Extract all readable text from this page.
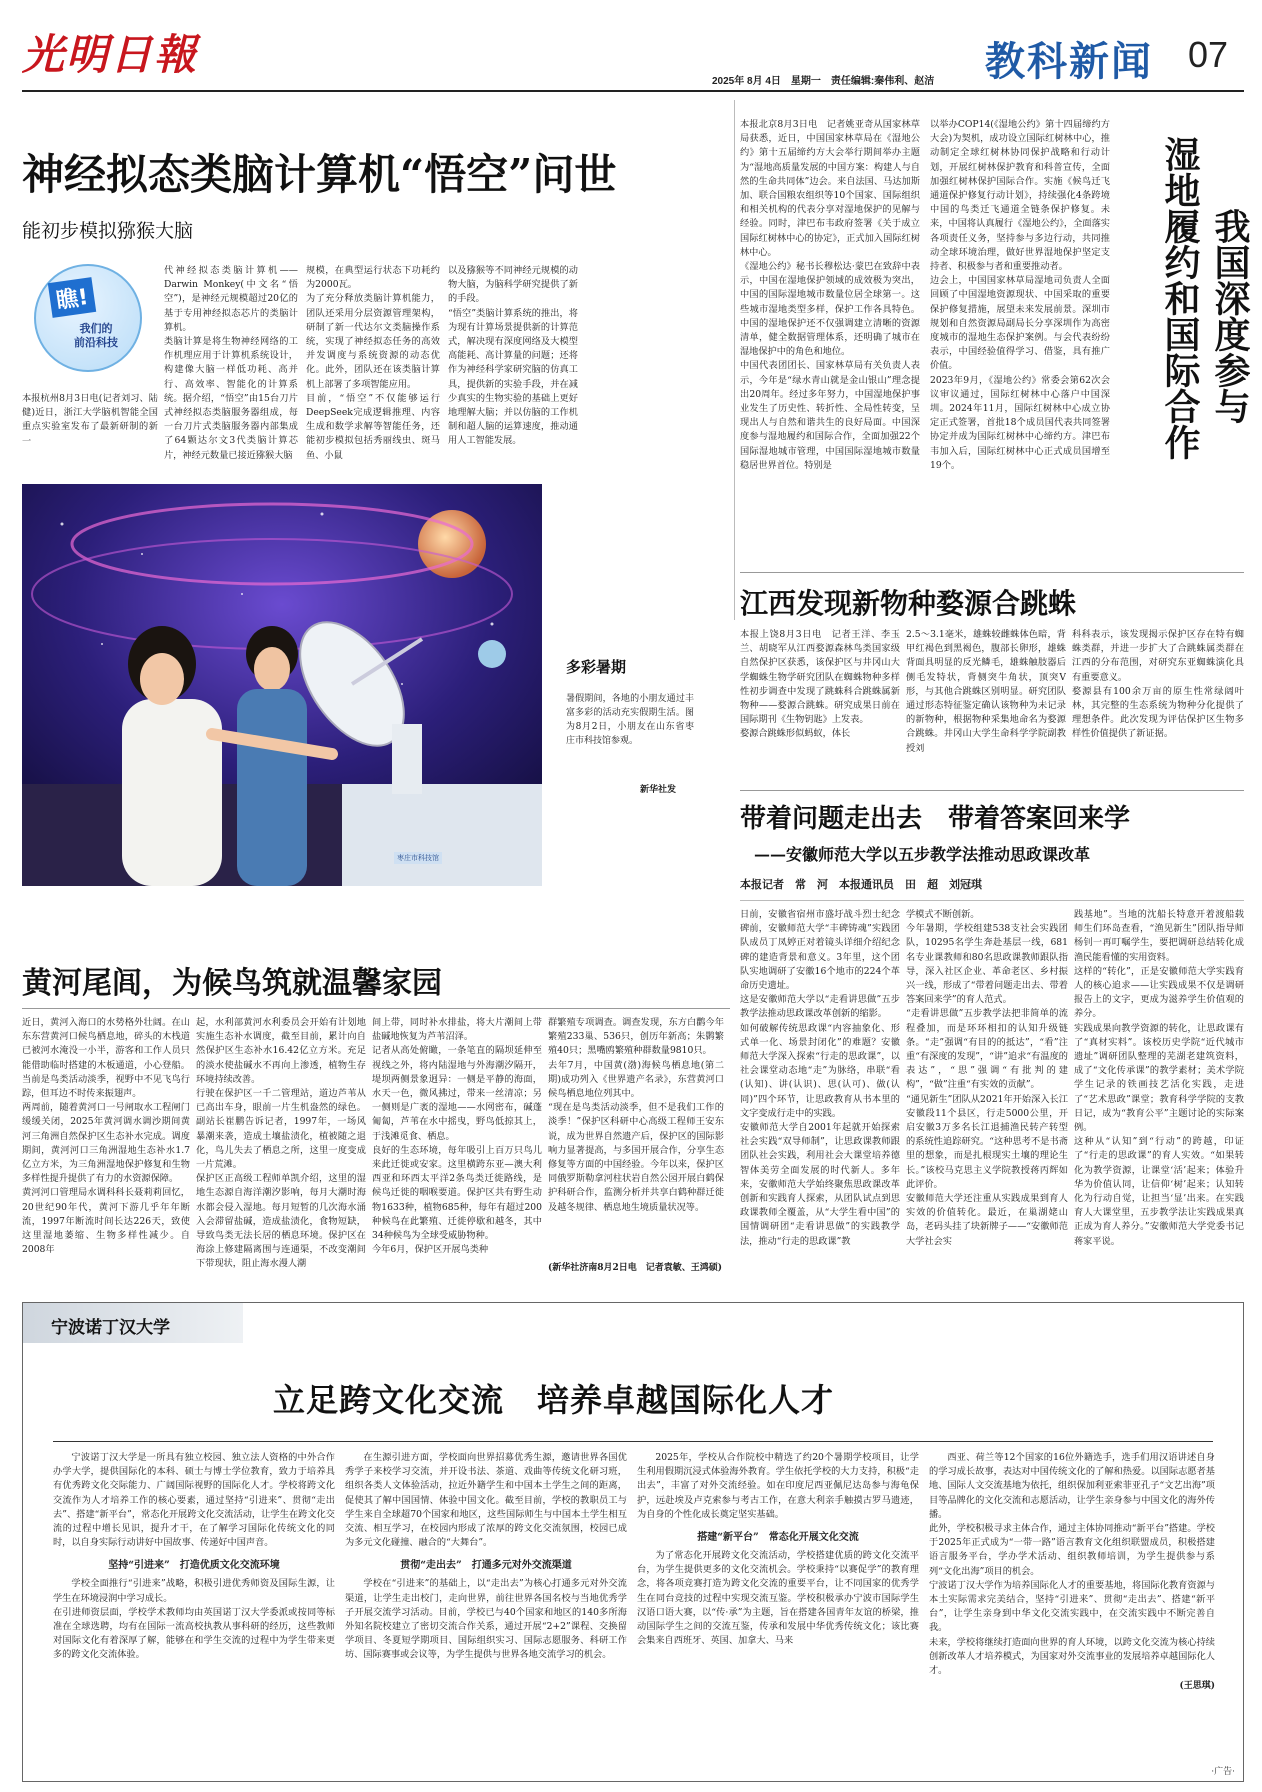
光明日報
2025年 8月 4日　星期一　责任编辑:秦伟利、赵洁 教科新闻 07
神经拟态类脑计算机“悟空”问世
能初步模拟猕猴大脑
瞧!
我们的
前沿科技
本报杭州8月3日电(记者刘习、陆健)近日，浙江大学脑机智能全国重点实验室发布了最新研制的新一
代神经拟态类脑计算机——Darwin Monkey(中文名“悟空”)，是神经元规模超过20亿的基于专用神经拟态芯片的类脑计算机。
类脑计算是将生物神经网络的工作机理应用于计算机系统设计，构建像大脑一样低功耗、高并行、高效率、智能化的计算系统。据介绍，“悟空”由15台刀片式神经拟态类脑服务器组成，每一台刀片式类脑服务器内部集成了64颗达尔文3代类脑计算芯片，神经元数量已接近猕猴大脑
规模，在典型运行状态下功耗约为2000瓦。
为了充分释放类脑计算机能力，团队还采用分层资源管理架构，研制了新一代达尔文类脑操作系统，实现了神经拟态任务的高效并发调度与系统资源的动态优化。此外，团队还在该类脑计算机上部署了多项智能应用。
目前，“悟空”不仅能够运行DeepSeek完成逻辑推理、内容生成和数学求解等智能任务，还能初步模拟包括秀丽线虫、斑马鱼、小鼠
以及猕猴等不同神经元规模的动物大脑，为脑科学研究提供了新的手段。
“悟空”类脑计算系统的推出，将为现有计算场景提供新的计算范式，解决现有深度网络及大模型高能耗、高计算量的问题；还将作为神经科学家研究脑的仿真工具，提供新的实验手段，并在减少真实的生物实验的基础上更好地理解大脑；并以仿脑的工作机制和超人脑的运算速度，推动通用人工智能发展。
枣庄市科技馆
多彩暑期
暑假期间，各地的小朋友通过丰富多彩的活动充实假期生活。图为8月2日，小朋友在山东省枣庄市科技馆参观。
新华社发
我国深度参与
湿地履约和国际合作
本报北京8月3日电　记者姚亚奇从国家林草局获悉，近日，中国国家林草局在《湿地公约》第十五届缔约方大会举行期间举办主题为“湿地高质量发展的中国方案：构建人与自然的生命共同体”边会。来自法国、马达加斯加、联合国粮农组织等10个国家、国际组织和相关机构的代表分享对湿地保护的见解与经验。同时，津巴布韦政府签署《关于成立国际红树林中心的协定》，正式加入国际红树林中心。
《湿地公约》秘书长穆松达·蒙巴在致辞中表示，中国在湿地保护领域的成效极为突出，中国的国际湿地城市数量位居全球第一。这些城市湿地类型多样，保护工作各具特色。中国的湿地保护还不仅强调建立清晰的资源清单，健全数据管理体系，还明确了城市在湿地保护中的角色和地位。
中国代表团团长、国家林草局有关负责人表示，今年是“绿水青山就是金山银山”理念提出20周年。经过多年努力，中国湿地保护事业发生了历史性、转折性、全局性转变，呈现出人与自然和谐共生的良好局面。中国深度参与湿地履约和国际合作，全面加强22个国际湿地城市管理，中国国际湿地城市数量稳居世界首位。特别是
以举办COP14(《湿地公约》第十四届缔约方大会)为契机，成功设立国际红树林中心，推动制定全球红树林协同保护战略和行动计划，开展红树林保护教育和科普宣传，全面加强红树林保护国际合作。实施《候鸟迁飞通道保护修复行动计划》，持续强化4条跨境中国的鸟类迁飞通道全链条保护修复。未来，中国将认真履行《湿地公约》，全面落实各项责任义务，坚持参与多边行动，共同推动全球环境治理，做好世界湿地保护坚定支持者、积极参与者和重要推动者。
边会上，中国国家林草局湿地司负责人全面回顾了中国湿地资源现状、中国采取的重要保护修复措施，展望未来发展前景。深圳市规划和自然资源局副局长分享深圳作为高密度城市的湿地生态保护案例。与会代表纷纷表示，中国经验值得学习、借鉴，具有推广价值。
2023年9月，《湿地公约》常委会第62次会议审议通过，国际红树林中心落户中国深圳。2024年11月，国际红树林中心成立协定正式签署，首批18个成员国代表共同签署协定并成为国际红树林中心缔约方。津巴布韦加入后，国际红树林中心正式成员国增至19个。
江西发现新物种婺源合跳蛛
本报上饶8月3日电　记者王洋、李玉兰、胡晓军从江西婺源森林鸟类国家级自然保护区获悉，该保护区与井冈山大学蜘蛛生物学研究团队在蜘蛛物种多样性初步调查中发现了跳蛛科合跳蛛属新物种——婺源合跳蛛。研究成果日前在国际期刊《生物钥匙》上发表。
婺源合跳蛛形似蚂蚁，体长
2.5～3.1毫米，雄蛛较雌蛛体色暗，背甲红褐色到黑褐色，腹部长卵形，雄蛛背面具明显的反光鳞毛，雄蛛触肢器后侧毛发特状，背侧突牛角状，顶突V形，与其他合跳蛛区别明显。研究团队通过形态特征鉴定确认该物种为未记录的新物种，根据物种采集地命名为婺源合跳蛛。井冈山大学生命科学学院副教授刘
科科表示，该发现揭示保护区存在特有蜘蛛类群，并进一步扩大了合跳蛛属类群在江西的分布范围，对研究东亚蜘蛛演化具有重要意义。
婺源县有100余万亩的原生性常绿阔叶林，其完整的生态系统为物种分化提供了理想条件。此次发现为评估保护区生物多样性价值提供了新证据。
带着问题走出去　带着答案回来学
——安徽师范大学以五步教学法推动思政课改革
本报记者　常　河　本报通讯员　田　超　刘冠琪
日前，安徽省宿州市盛圩战斗烈士纪念碑前，安徽师范大学“丰碑铸魂”实践团队成员丁凤婷正对着镜头详细介绍纪念碑的建造背景和意义。3年里，这个团队实地调研了安徽16个地市的224个革命历史遗址。
这是安徽师范大学以“走看讲思做”五步教学法推动思政课改革创新的缩影。
如何破解传统思政课“内容抽象化、形式单一化、场景封闭化”的难题？安徽师范大学深入探索“行走的思政课”，以社会课堂动态地“走”为脉络，串联“看(认知)、讲(认识)、思(认可)、做(认同)”四个环节，让思政教育从书本里的文字变成行走中的实践。
安徽师范大学自2001年起就开始探索社会实践“双导师制”，让思政课教师跟团队社会实践，利用社会大课堂培养德智体美劳全面发展的时代新人。多年来，安徽师范大学始终聚焦思政课改革创新和实践育人探索，从团队试点到思政课教师全覆盖，从“大学生看中国”的国情调研团“走看讲思做”的实践教学法，推动“行走的思政课”教
学模式不断创新。
今年暑期，学校组建538支社会实践团队，10295名学生奔赴基层一线，681名专业课教师和80名思政课教师跟队指导，深入社区企业、革命老区、乡村振兴一线，形成了“带着问题走出去、带着答案回来学”的育人范式。
“走看讲思做”五步教学法把非简单的流程叠加，而是环环相扣的认知升级链条。“走”强调“有目的的抵达”，“看”注重“有深度的发现”，“讲”追求“有温度的表达”，“思”强调“有批判的建构”，“做”注重“有实效的贡献”。
“通见新生”团队从2021年开始深入长江安徽段11个县区，行走5000公里，开启安徽3万多名长江退捕渔民转产转型的系统性追踪研究。“这种思考不是书斋里的想象，而是扎根现实土壤的理论生长。”该校马克思主义学院教授蒋丙辉如此评价。
安徽师范大学还注重从实践成果到育人实效的价值转化。最近，在巢湖姥山岛，老码头挂了块新牌子——“安徽师范大学社会实
践基地”。当地的沈船长特意开着渡船载师生们环岛查看，“渔见新生”团队指导师杨钊一再叮嘱学生，要把调研总结转化成渔民能看懂的实用资料。
这样的“转化”，正是安徽师范大学实践育人的核心追求——让实践成果不仅是调研报告上的文字，更成为滋养学生价值观的养分。
实践成果向教学资源的转化，让思政课有了“真材实料”。该校历史学院“近代城市遗址”调研团队整理的芜湖老建筑资料，成了“文化传承课”的教学素材；美术学院学生记录的铁画技艺活化实践，走进了“艺术思政”课堂；教育科学学院的支教日记，成为“教育公平”主题讨论的实际案例。
这种从“认知”到“行动”的跨越，印证了“行走的思政课”的育人实效。“如果转化为教学资源，让课堂‘活’起来；体验升华为价值认同，让信仰‘树’起来；认知转化为行动自觉，让担当‘显’出来。在实践育人大课堂里，五步教学法让实践成果真正成为育人养分。”安徽师范大学党委书记蒋家平说。
黄河尾闾，为候鸟筑就温馨家园
近日，黄河入海口的水势格外壮阔。在山东东营黄河口候鸟栖息地，碎头的木栈道已被河水淹没一小半，游客和工作人员只能借助临时搭建的木板通道，小心登船。当前是鸟类活动淡季，视野中不见飞鸟行踪，但耳边不时传来振翅声。
两周前，随着黄河口一号闸取水工程闸门缓缓关闭，2025年黄河调水调沙期间黄河三角洲自然保护区生态补水完成。调度期间，黄河河口三角洲湿地生态补水1.7亿立方米，为三角洲湿地保护修复和生物多样性提升提供了有力的水资源保障。
黄河河口管理局水调科科长聂莉莉回忆，20世纪90年代，黄河下游几乎年年断流，1997年断流时间长达226天，致使这里湿地萎缩、生物多样性减少。自2008年
起，水利部黄河水利委员会开始有计划地实施生态补水调度，截至目前，累计向自然保护区生态补水16.42亿立方米。充足的淡水使盐碱水不再向上渗透，植物生存环境持续改善。
行驶在保护区一千二管理站，道边芦苇从已高出车身，眼前一片生机盎然的绿色。副站长崔鹏告诉记者，1997年，一场风暴潮来袭，造成土壤盐渍化，植被随之退化，鸟儿失去了栖息之所，这里一度变成一片荒滩。
保护区正高级工程师单凯介绍，这里的湿地生态源自海洋潮汐影响，每月大潮时海水都会侵入湿地。每月短暂的几次海水涌入会滞留盐碱，造成盐渍化，食物短缺，导致鸟类无法长居的栖息环境。保护区在海涂上修建隔离围与连通渠，不改变潮间下带现状，阻止海水漫人潮
间上带，同时补水排盐，将大片潮间上带盐碱地恢复为芦苇沼泽。
记者从高处俯瞰，一条笔直的隔坝延伸至视线之外，将内陆湿地与外海潮汐隔开，堤坝两侧景象迥异：一侧是平静的海面，水天一色，微风拂过，带来一丝清凉；另一侧则是广袤的湿地——水网密布，碱蓬匍匐，芦苇在水中摇曳，野鸟低掠其上，于浅滩觅食、栖息。
良好的生态环境，每年吸引上百万只鸟儿来此迁徙或安家。这里横跨东亚—澳大利西亚和环西太平洋2条鸟类迁徙路线，是候鸟迁徙的咽喉要道。保护区共有野生动物1633种，植物685种，每年有超过200种候鸟在此繁殖、迁徙停歇和越冬，其中34种候鸟为全球受威胁物种。
今年6月，保护区开展鸟类种
群繁殖专项调查。调查发现，东方白鹳今年繁殖233巢、536只，创历年新高；朱鹮繁殖40只；黑嘴鸥繁殖种群数量9810只。
去年7月，中国黄(渤)海候鸟栖息地(第二期)成功列入《世界遗产名录》，东营黄河口候鸟栖息地位列其中。
“现在是鸟类活动淡季，但不是我们工作的淡季！”保护区科研中心高级工程师王安东说，成为世界自然遗产后，保护区的国际影响力显著提高，与多国开展合作，分享生态修复等方面的中国经验。今年以来，保护区同俄罗斯勒拿河柱状岩自然公园开展白鹤保护科研合作，监测分析并共享白鹤种群迁徙及越冬规律、栖息地生境质量状况等。
(新华社济南8月2日电　记者袁敏、王鸿硕)
宁波诺丁汉大学
立足跨文化交流　培养卓越国际化人才
宁波诺丁汉大学是一所具有独立校园、独立法人资格的中外合作办学大学，提供国际化的本科、硕士与博士学位教育，致力于培养具有优秀跨文化交际能力、广阔国际视野的国际化人才。学校将跨文化交流作为人才培养工作的核心要素，通过坚持“引进来”、贯彻“走出去”、搭建“新平台”，常态化开展跨文化交流活动，让学生在跨文化交流的过程中增长见识，提升才干，在了解学习国际化传统文化的同时，以自身实际行动讲好中国故事、传递好中国声音。
坚持“引进来”　打造优质文化交流环境
学校全面推行“引进来”战略，积极引进优秀师资及国际生源，让学生在环境浸润中学习成长。
在引进师资层面，学校学术教师均由英国诺丁汉大学委派或按同等标准在全球选聘，均有在国际一流高校执教从事科研的经历，这些教师对国际文化有着深厚了解，能够在和学生交流的过程中为学生带来更多的跨文化交流体验。
在生源引进方面，学校面向世界招募优秀生源，邀请世界各国优秀学子来校学习交流，并开设书法、茶道、戏曲等传统文化研习班，组织各类人文体验活动，拉近外籍学生和中国本土学生之间的距离，促使其了解中国国情、体验中国文化。截至目前，学校的教职员工与学生来自全球超70个国家和地区，这些国际师生与中国本土学生相互交流、相互学习，在校园内形成了浓厚的跨文化交流氛围，校园已成为多元文化碰撞、融合的“大舞台”。
贯彻“走出去”　打通多元对外交流渠道
学校在“引进来”的基础上，以“走出去”为核心打通多元对外交流渠道，让学生走出校门，走向世界，前往世界各国名校与当地优秀学子开展交流学习活动。目前，学校已与40个国家和地区的140多所海外知名院校建立了密切交流合作关系，通过开展“2+2”课程、交换留学项目、冬夏短学期项目、国际组织实习、国际志愿服务、科研工作坊、国际赛事或会议等，为学生提供与世界各地交流学习的机会。
2025年，学校从合作院校中精选了约20个暑期学校项目，让学生利用假期沉浸式体验海外教育。学生依托学校的大力支持，积极“走出去”，丰富了对外交流经验。如在印度尼西亚佩尼达岛参与海龟保护，远赴埃及卢克索参与考古工作，在意大利亲手触摸古罗马遗迹，为自身的个性化成长奠定坚实基础。
搭建“新平台”　常态化开展文化交流
为了常态化开展跨文化交流活动，学校搭建优质的跨文化交流平台，为学生提供更多的文化交流机会。学校秉持“以赛促学”的教育理念，将各项竞赛打造为跨文化交流的重要平台，让不同国家的优秀学生在同台竞技的过程中实现交流互鉴。学校积极承办宁波市国际学生汉语口语大赛，以“传·承”为主题，旨在搭建各国青年友谊的桥梁，推动国际学生之间的交流互鉴，传承和发展中华优秀传统文化；该比赛会集来自西班牙、英国、加拿大、马来
西亚、荷兰等12个国家的16位外籍选手，选手们用汉语讲述自身的学习成长故事，表达对中国传统文化的了解和热爱。以国际志愿者基地、国际人文交流基地为依托，组织保加利亚索菲亚孔子“文艺出海”项目等品牌化的文化交流和志愿活动，让学生亲身参与中国文化的海外传播。
此外，学校积极寻求主体合作，通过主体协同推动“新平台”搭建。学校于2025年正式成为“一带一路”语言教育文化组织联盟成员，积极搭建语言服务平台，学办学术活动、组织教师培训，为学生提供参与系列“文化出海”项目的机会。
宁波诺丁汉大学作为培养国际化人才的重要基地，将国际化教育资源与本土实际需求完美结合，坚持“引进来”、贯彻“走出去”、搭建“新平台”，让学生亲身到中华文化交流实践中，在交流实践中不断完善自我。
未来，学校将继续打造面向世界的育人环境，以跨文化交流为核心持续创新改革人才培养模式，为国家对外交流事业的发展培养卓越国际化人才。
(王思琪)
·广告·
